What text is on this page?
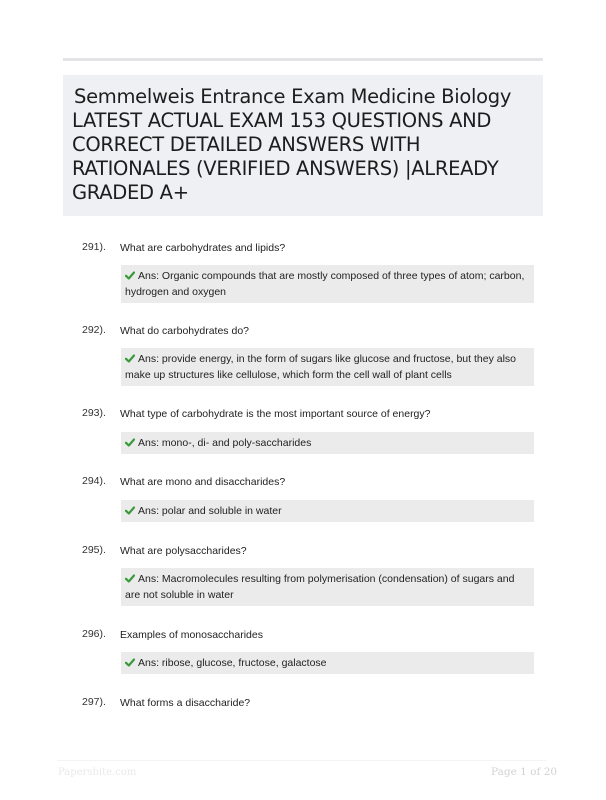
Semmelweis Entrance Exam Medicine Biology
LATEST ACTUAL EXAM 153 QUESTIONS AND
CORRECT DETAILED ANSWERS WITH
RATIONALES (VERIFIED ANSWERS) |ALREADY
GRADED A+
291). What are carbohydrates and lipids?
Ans: Organic compounds that are mostly composed of three types of atom; carbon,
hydrogen and oxygen
292). What do carbohydrates do?
Ans: provide energy, in the form of sugars like glucose and fructose, but they also
make up structures like cellulose, which form the cell wall of plant cells
293). What type of carbohydrate is the most important source of energy?
Ans: mono-, di- and poly-saccharides
294). What are mono and disaccharides?
Ans: polar and soluble in water
295). What are polysaccharides?
Ans: Macromolecules resulting from polymerisation (condensation) of sugars and
are not soluble in water
296). Examples of monosaccharides
Ans: ribose, glucose, fructose, galactose
297). What forms a disaccharide?
Papersbite.com	Page 1 of 20
